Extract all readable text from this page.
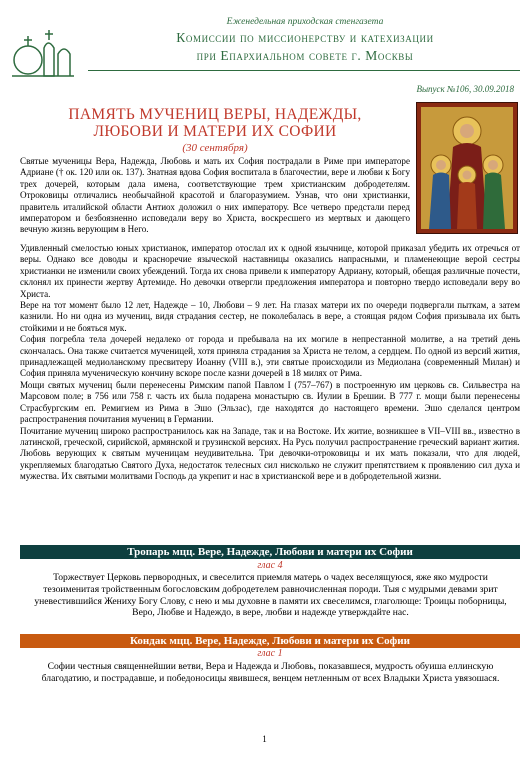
Еженедельная приходская стенгазета
Комиссии по миссионерству и катехизации
при Епархиальном совете г. Москвы
Выпуск №106, 30.09.2018
ПАМЯТЬ МУЧЕНИЦ ВЕРЫ, НАДЕЖДЫ,
ЛЮБОВИ И МАТЕРИ ИХ СОФИИ
(30 сентября)

Святые мученицы Вера, Надежда, Любовь и мать их София пострадали в Риме при императоре Адриане († ок. 120 или ок. 137). Знатная вдова София воспитала в благочестии, вере и любви к Богу трех дочерей, которым дала имена, соответствующие трем христианским добродетелям. Отроковицы отличались необычайной красотой и благоразумием. Узнав, что они христианки, правитель италийской области Антиох доложил о них императору. Все четверо предстали перед императором и безбоязненно исповедали веру во Христа, воскресшего из мертвых и дающего вечную жизнь верующим в Него.

Удивленный смелостью юных христианок, император отослал их к одной язычнице, которой приказал убедить их отречься от веры. Однако все доводы и красноречие языческой наставницы оказались напрасными, и пламенеющие верой сестры христианки не изменили своих убеждений. Тогда их снова привели к императору Адриану, который, обещая различные почести, склонял их принести жертву Артемиде. Но девочки отвергли предложения императора и повторно твердо исповедали веру во Христа.

Вере на тот момент было 12 лет, Надежде – 10, Любови – 9 лет. На глазах матери их по очереди подвергали пыткам, а затем казнили. Но ни одна из мучениц, видя страдания сестер, не поколебалась в вере, а стоящая рядом София призывала их быть стойкими и не бояться мук.

София погребла тела дочерей недалеко от города и пребывала на их могиле в непрестанной молитве, а на третий день скончалась. Она также считается мученицей, хотя приняла страдания за Христа не телом, а сердцем. По одной из версий жития, принадлежащей медиоланскому пресвитеру Иоанну (VIII в.), эти святые происходили из Медиолана (современный Милан) и София приняла мученическую кончину вскоре после казни дочерей в 18 милях от Рима.

Мощи святых мучениц были перенесены Римским папой Павлом I (757–767) в построенную им церковь св. Сильвестра на Марсовом поле; в 756 или 758 г. часть их была подарена монастырю св. Иулии в Брешии. В 777 г. мощи были перенесены Страсбургским еп. Ремигием из Рима в Эшо (Эльзас), где находятся до настоящего времени. Эшо сделался центром распространения почитания мучениц в Германии.

Почитание мучениц широко распространилось как на Западе, так и на Востоке. Их житие, возникшее в VII–VIII вв., известно в латинской, греческой, сирийской, армянской и грузинской версиях. На Русь получил распространение греческий вариант жития.

Любовь верующих к святым мученицам неудивительна. Три девочки-отроковицы и их мать показали, что для людей, укрепляемых благодатью Святого Духа, недостаток телесных сил нисколько не служит препятствием к проявлению сил духа и мужества. Их святыми молитвами Господь да укрепит и нас в христианской вере и в добродетельной жизни.

Тропарь мцц. Вере, Надежде, Любови и матери их Софии
глас 4
Торжествует Церковь первородных, и свеселится приемля матерь о чадех веселящуюся, яже яко мудрости тезоименитая тройственным богословским добродетелем равночисленная породи. Тыя с мудрыми девами зрит уневестившийся Жениху Богу Слову, с нею и мы духовне в памяти их свеселимся, глаголюще: Троицы поборницы, Веро, Любве и Надеждо, в вере, любви и надежде утверждайте нас.
Кондак мцц. Вере, Надежде, Любови и матери их Софии
глас 1
Софии честныя священнейшии ветви, Вера и Надежда и Любовь, показавшеся, мудрость обуиша еллинскую благодатию, и пострадавше, и победоносицы явившеся, венцем нетленным от всех Владыки Христа увязошася.
1
